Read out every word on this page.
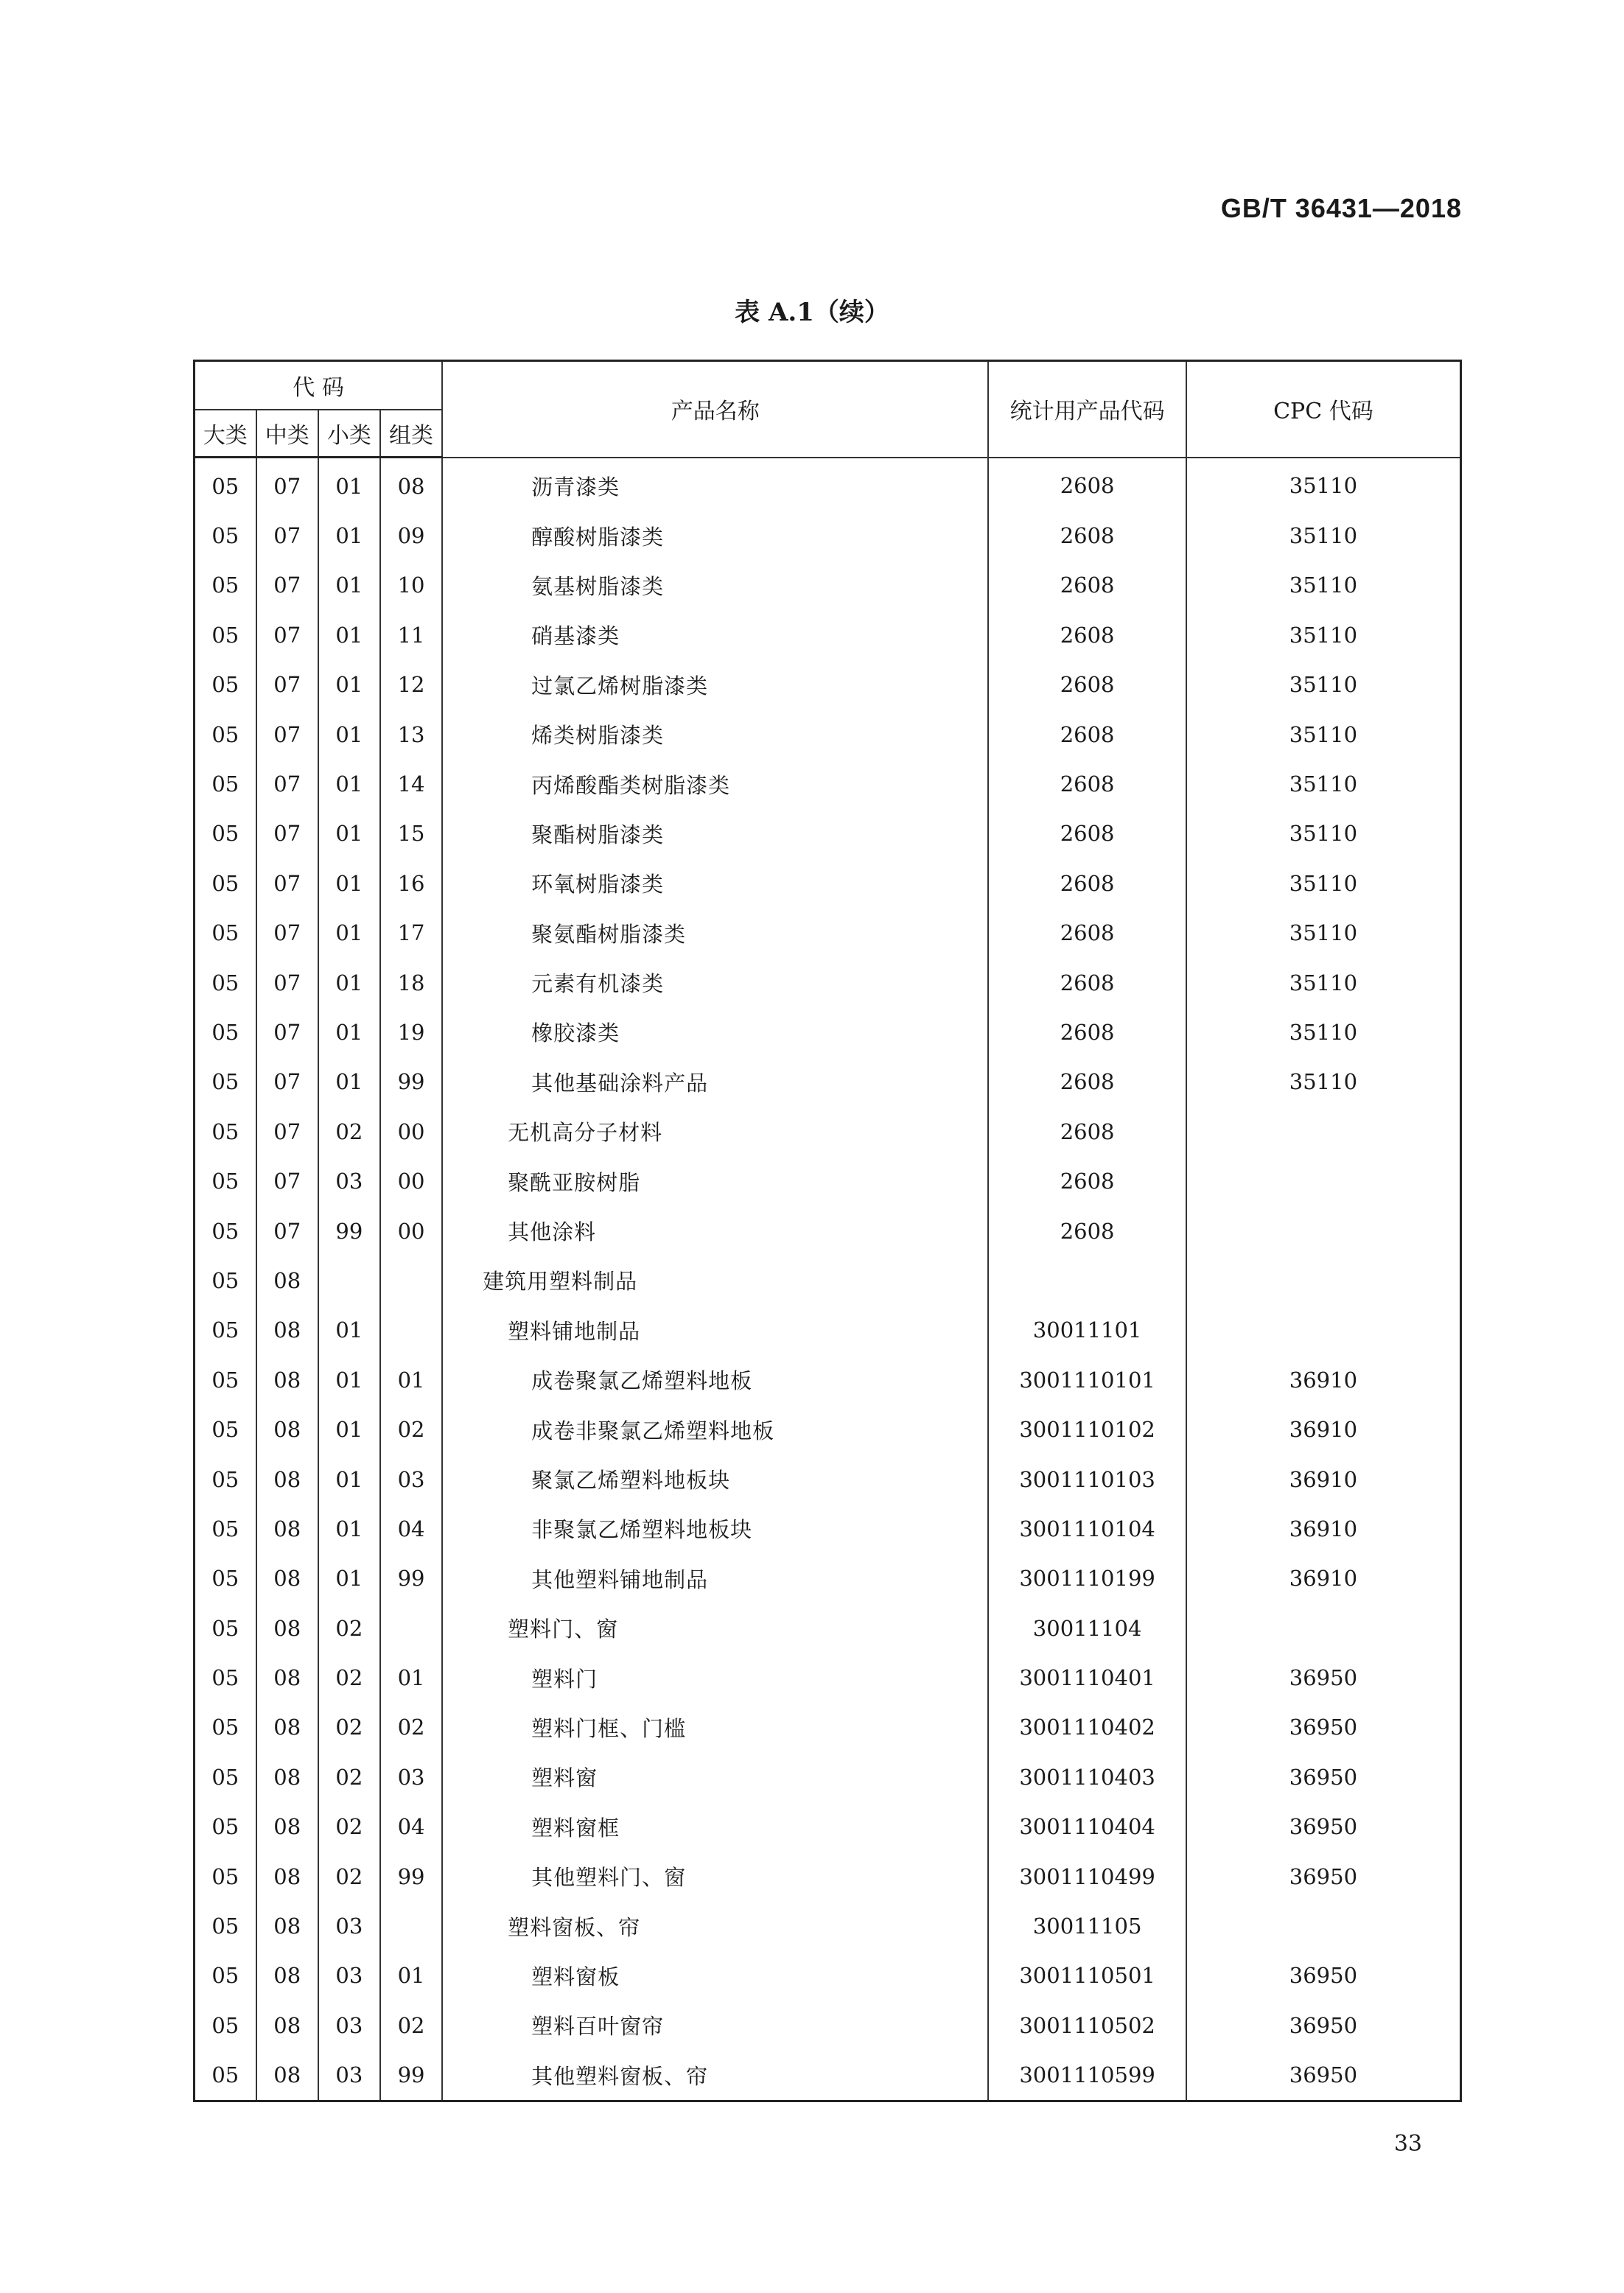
GB/T 36431—2018
表 A.1（续）
代 码				产品名称	统计用产品代码	CPC 代码
大类	中类	小类	组类			
05	07	01	08	沥青漆类	2608	35110
05	07	01	09	醇酸树脂漆类	2608	35110
05	07	01	10	氨基树脂漆类	2608	35110
05	07	01	11	硝基漆类	2608	35110
05	07	01	12	过氯乙烯树脂漆类	2608	35110
05	07	01	13	烯类树脂漆类	2608	35110
05	07	01	14	丙烯酸酯类树脂漆类	2608	35110
05	07	01	15	聚酯树脂漆类	2608	35110
05	07	01	16	环氧树脂漆类	2608	35110
05	07	01	17	聚氨酯树脂漆类	2608	35110
05	07	01	18	元素有机漆类	2608	35110
05	07	01	19	橡胶漆类	2608	35110
05	07	01	99	其他基础涂料产品	2608	35110
05	07	02	00	无机高分子材料	2608	
05	07	03	00	聚酰亚胺树脂	2608	
05	07	99	00	其他涂料	2608	
05	08			建筑用塑料制品		
05	08	01		塑料铺地制品	30011101	
05	08	01	01	成卷聚氯乙烯塑料地板	3001110101	36910
05	08	01	02	成卷非聚氯乙烯塑料地板	3001110102	36910
05	08	01	03	聚氯乙烯塑料地板块	3001110103	36910
05	08	01	04	非聚氯乙烯塑料地板块	3001110104	36910
05	08	01	99	其他塑料铺地制品	3001110199	36910
05	08	02		塑料门、窗	30011104	
05	08	02	01	塑料门	3001110401	36950
05	08	02	02	塑料门框、门槛	3001110402	36950
05	08	02	03	塑料窗	3001110403	36950
05	08	02	04	塑料窗框	3001110404	36950
05	08	02	99	其他塑料门、窗	3001110499	36950
05	08	03		塑料窗板、帘	30011105	
05	08	03	01	塑料窗板	3001110501	36950
05	08	03	02	塑料百叶窗帘	3001110502	36950
05	08	03	99	其他塑料窗板、帘	3001110599	36950
33
